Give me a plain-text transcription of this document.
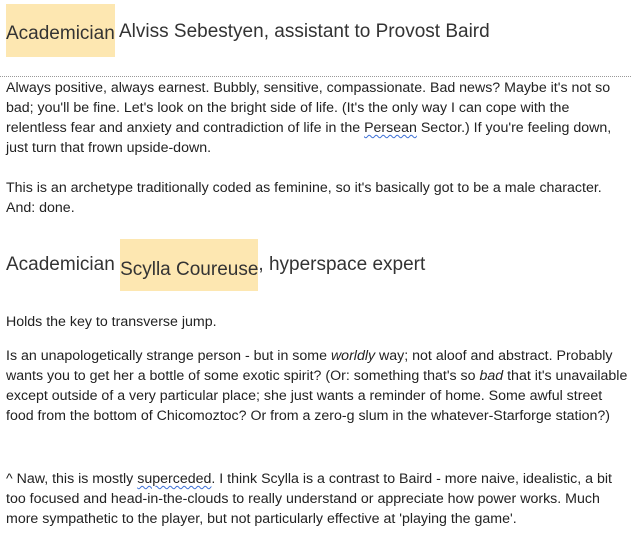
Academician Alviss Sebestyen, assistant to Provost Baird
Always positive, always earnest. Bubbly, sensitive, compassionate. Bad news? Maybe it's not so bad; you'll be fine. Let's look on the bright side of life. (It's the only way I can cope with the relentless fear and anxiety and contradiction of life in the Persean Sector.) If you're feeling down, just turn that frown upside-down.
This is an archetype traditionally coded as feminine, so it's basically got to be a male character. And: done.
Academician Scylla Coureuse, hyperspace expert
Holds the key to transverse jump.
Is an unapologetically strange person - but in some worldly way; not aloof and abstract. Probably wants you to get her a bottle of some exotic spirit? (Or: something that's so bad that it's unavailable except outside of a very particular place; she just wants a reminder of home. Some awful street food from the bottom of Chicomoztoc? Or from a zero-g slum in the whatever-Starforge station?)
^ Naw, this is mostly superceded. I think Scylla is a contrast to Baird - more naive, idealistic, a bit too focused and head-in-the-clouds to really understand or appreciate how power works. Much more sympathetic to the player, but not particularly effective at 'playing the game'.
